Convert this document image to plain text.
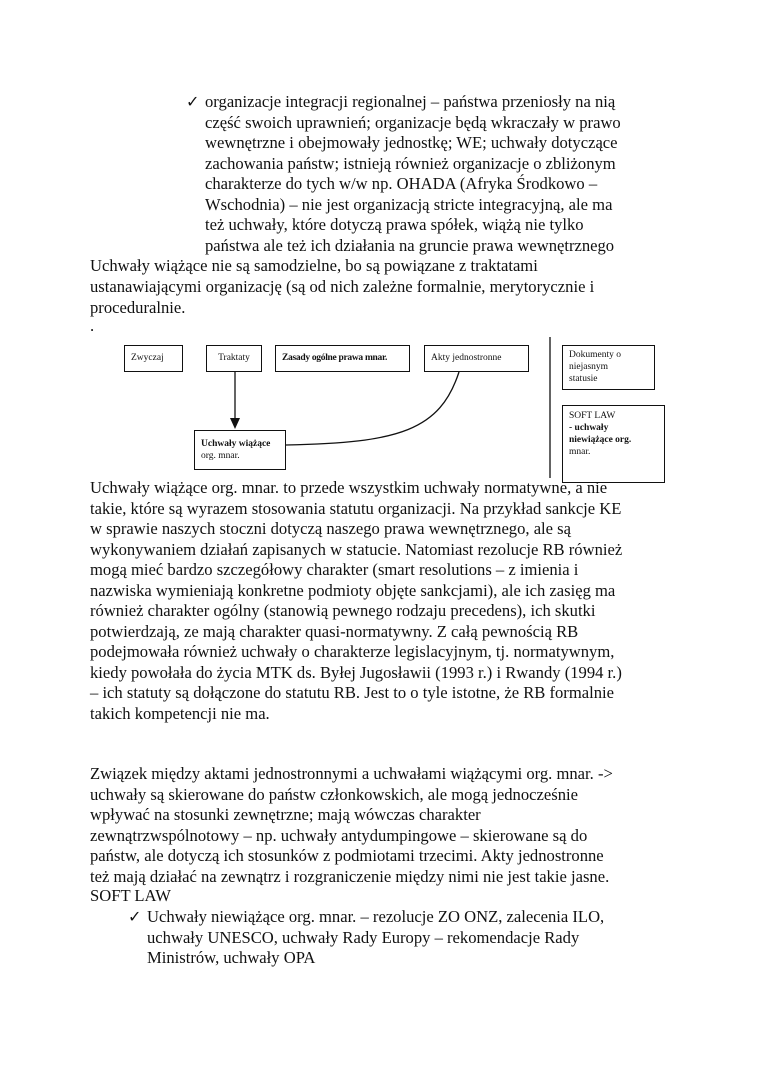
✓ organizacje integracji regionalnej – państwa przeniosły na nią
część swoich uprawnień; organizacje będą wkraczały w prawo
wewnętrzne i obejmowały jednostkę; WE; uchwały dotyczące
zachowania państw; istnieją również organizacje o zbliżonym
charakterze do tych w/w np. OHADA (Afryka Środkowo –
Wschodnia) – nie jest organizacją stricte integracyjną, ale ma
też uchwały, które dotyczą prawa spółek, wiążą nie tylko
państwa ale też ich działania na gruncie prawa wewnętrznego
Uchwały wiążące nie są samodzielne, bo są powiązane z traktatami
ustanawiającymi organizację (są od nich zależne formalnie, merytorycznie i
proceduralnie.
.
Zwyczaj	Traktaty	Zasady ogólne prawa mnar.	Akty jednostronne
Uchwały wiążące
org. mnar.
Dokumenty o
niejasnym
statusie
SOFT LAW
- uchwały
niewiążące org.
mnar.
Uchwały wiążące org. mnar. to przede wszystkim uchwały normatywne, a nie
takie, które są wyrazem stosowania statutu organizacji. Na przykład sankcje KE
w sprawie naszych stoczni dotyczą naszego prawa wewnętrznego, ale są
wykonywaniem działań zapisanych w statucie. Natomiast rezolucje RB również
mogą mieć bardzo szczegółowy charakter (smart resolutions – z imienia i
nazwiska wymieniają konkretne podmioty objęte sankcjami), ale ich zasięg ma
również charakter ogólny (stanowią pewnego rodzaju precedens), ich skutki
potwierdzają, ze mają charakter quasi-normatywny. Z całą pewnością RB
podejmowała również uchwały o charakterze legislacyjnym, tj. normatywnym,
kiedy powołała do życia MTK ds. Byłej Jugosławii (1993 r.) i Rwandy (1994 r.)
– ich statuty są dołączone do statutu RB. Jest to o tyle istotne, że RB formalnie
takich kompetencji nie ma.
Związek między aktami jednostronnymi a uchwałami wiążącymi org. mnar. ->
uchwały są skierowane do państw członkowskich, ale mogą jednocześnie
wpływać na stosunki zewnętrzne; mają wówczas charakter
zewnątrzwspólnotowy – np. uchwały antydumpingowe – skierowane są do
państw, ale dotyczą ich stosunków z podmiotami trzecimi. Akty jednostronne
też mają działać na zewnątrz i rozgraniczenie między nimi nie jest takie jasne.
SOFT LAW
✓ Uchwały niewiążące org. mnar. – rezolucje ZO ONZ, zalecenia ILO,
uchwały UNESCO, uchwały Rady Europy – rekomendacje Rady
Ministrów, uchwały OPA
